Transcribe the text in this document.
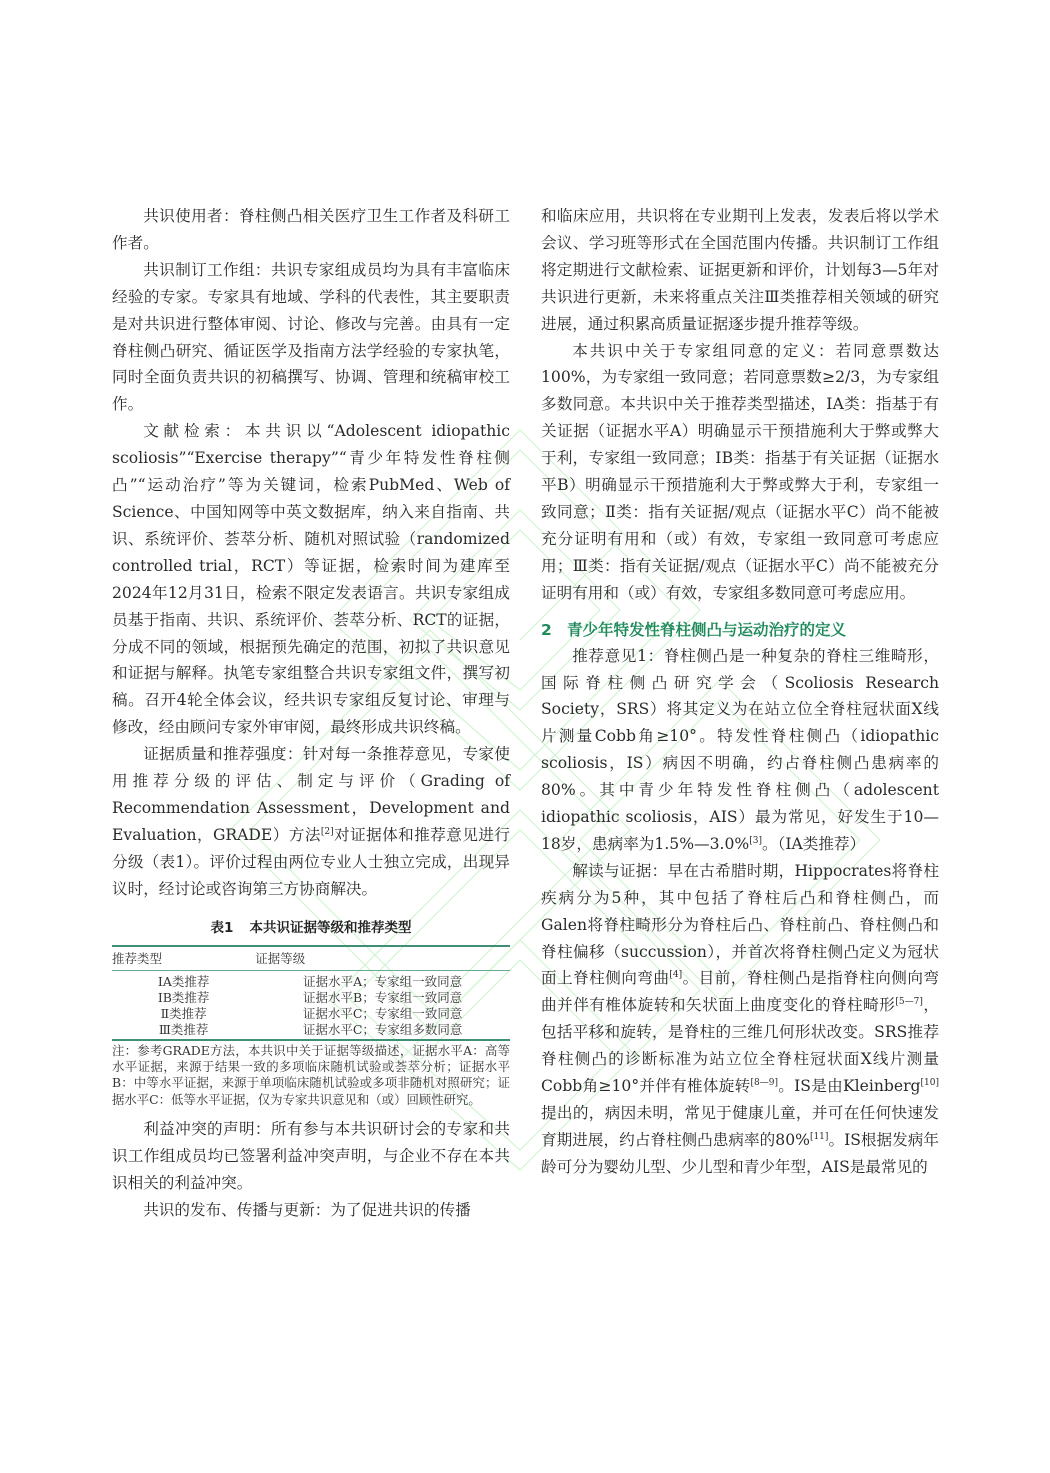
共识使用者：脊柱侧凸相关医疗卫生工作者及科研工作者。

共识制订工作组：共识专家组成员均为具有丰富临床经验的专家。专家具有地域、学科的代表性，其主要职责是对共识进行整体审阅、讨论、修改与完善。由具有一定脊柱侧凸研究、循证医学及指南方法学经验的专家执笔，同时全面负责共识的初稿撰写、协调、管理和统稿审校工作。

文献检索：本共识以“Adolescent idiopathic scoliosis”“Exercise therapy”“青少年特发性脊柱侧凸”“运动治疗”等为关键词，检索PubMed、Web of Science、中国知网等中英文数据库，纳入来自指南、共识、系统评价、荟萃分析、随机对照试验（randomized controlled trial，RCT）等证据，检索时间为建库至2024年12月31日，检索不限定发表语言。共识专家组成员基于指南、共识、系统评价、荟萃分析、RCT的证据，分成不同的领域，根据预先确定的范围，初拟了共识意见和证据与解释。执笔专家组整合共识专家组文件，撰写初稿。召开4轮全体会议，经共识专家组反复讨论、审理与修改，经由顾问专家外审审阅，最终形成共识终稿。

证据质量和推荐强度：针对每一条推荐意见，专家使用推荐分级的评估、制定与评价（Grading of Recommendation Assessment，Development and Evaluation，GRADE）方法[2]对证据体和推荐意见进行分级（表1）。评价过程由两位专业人士独立完成，出现异议时，经讨论或咨询第三方协商解决。

表1 本共识证据等级和推荐类型
推荐类型	证据等级
ⅠA类推荐	证据水平A；专家组一致同意
ⅠB类推荐	证据水平B；专家组一致同意
Ⅱ类推荐	证据水平C；专家组一致同意
Ⅲ类推荐	证据水平C；专家组多数同意
注：参考GRADE方法，本共识中关于证据等级描述，证据水平A：高等水平证据，来源于结果一致的多项临床随机试验或荟萃分析；证据水平B：中等水平证据，来源于单项临床随机试验或多项非随机对照研究；证据水平C：低等水平证据，仅为专家共识意见和（或）回顾性研究。

利益冲突的声明：所有参与本共识研讨会的专家和共识工作组成员均已签署利益冲突声明，与企业不存在本共识相关的利益冲突。

共识的发布、传播与更新：为了促进共识的传播

和临床应用，共识将在专业期刊上发表，发表后将以学术会议、学习班等形式在全国范围内传播。共识制订工作组将定期进行文献检索、证据更新和评价，计划每3—5年对共识进行更新，未来将重点关注Ⅲ类推荐相关领域的研究进展，通过积累高质量证据逐步提升推荐等级。

本共识中关于专家组同意的定义：若同意票数达100%，为专家组一致同意；若同意票数≥2/3，为专家组多数同意。本共识中关于推荐类型描述，ⅠA类：指基于有关证据（证据水平A）明确显示干预措施利大于弊或弊大于利，专家组一致同意；ⅠB类：指基于有关证据（证据水平B）明确显示干预措施利大于弊或弊大于利，专家组一致同意；Ⅱ类：指有关证据/观点（证据水平C）尚不能被充分证明有用和（或）有效，专家组一致同意可考虑应用；Ⅲ类：指有关证据/观点（证据水平C）尚不能被充分证明有用和（或）有效，专家组多数同意可考虑应用。

2 青少年特发性脊柱侧凸与运动治疗的定义

推荐意见1：脊柱侧凸是一种复杂的脊柱三维畸形，国际脊柱侧凸研究学会（Scoliosis Research Society，SRS）将其定义为在站立位全脊柱冠状面X线片测量Cobb角≥10°。特发性脊柱侧凸（idiopathic scoliosis，IS）病因不明确，约占脊柱侧凸患病率的80%。其中青少年特发性脊柱侧凸（adolescent idiopathic scoliosis，AIS）最为常见，好发生于10—18岁，患病率为1.5%—3.0%[3]。（ⅠA类推荐）

解读与证据：早在古希腊时期，Hippocrates将脊柱疾病分为5种，其中包括了脊柱后凸和脊柱侧凸，而Galen将脊柱畸形分为脊柱后凸、脊柱前凸、脊柱侧凸和脊柱偏移（succussion），并首次将脊柱侧凸定义为冠状面上脊柱侧向弯曲[4]。目前，脊柱侧凸是指脊柱向侧向弯曲并伴有椎体旋转和矢状面上曲度变化的脊柱畸形[5—7]，包括平移和旋转，是脊柱的三维几何形状改变。SRS推荐脊柱侧凸的诊断标准为站立位全脊柱冠状面X线片测量Cobb角≥10°并伴有椎体旋转[8—9]。IS是由Kleinberg[10]提出的，病因未明，常见于健康儿童，并可在任何快速发育期进展，约占脊柱侧凸患病率的80%[11]。IS根据发病年龄可分为婴幼儿型、少儿型和青少年型，AIS是最常见的
